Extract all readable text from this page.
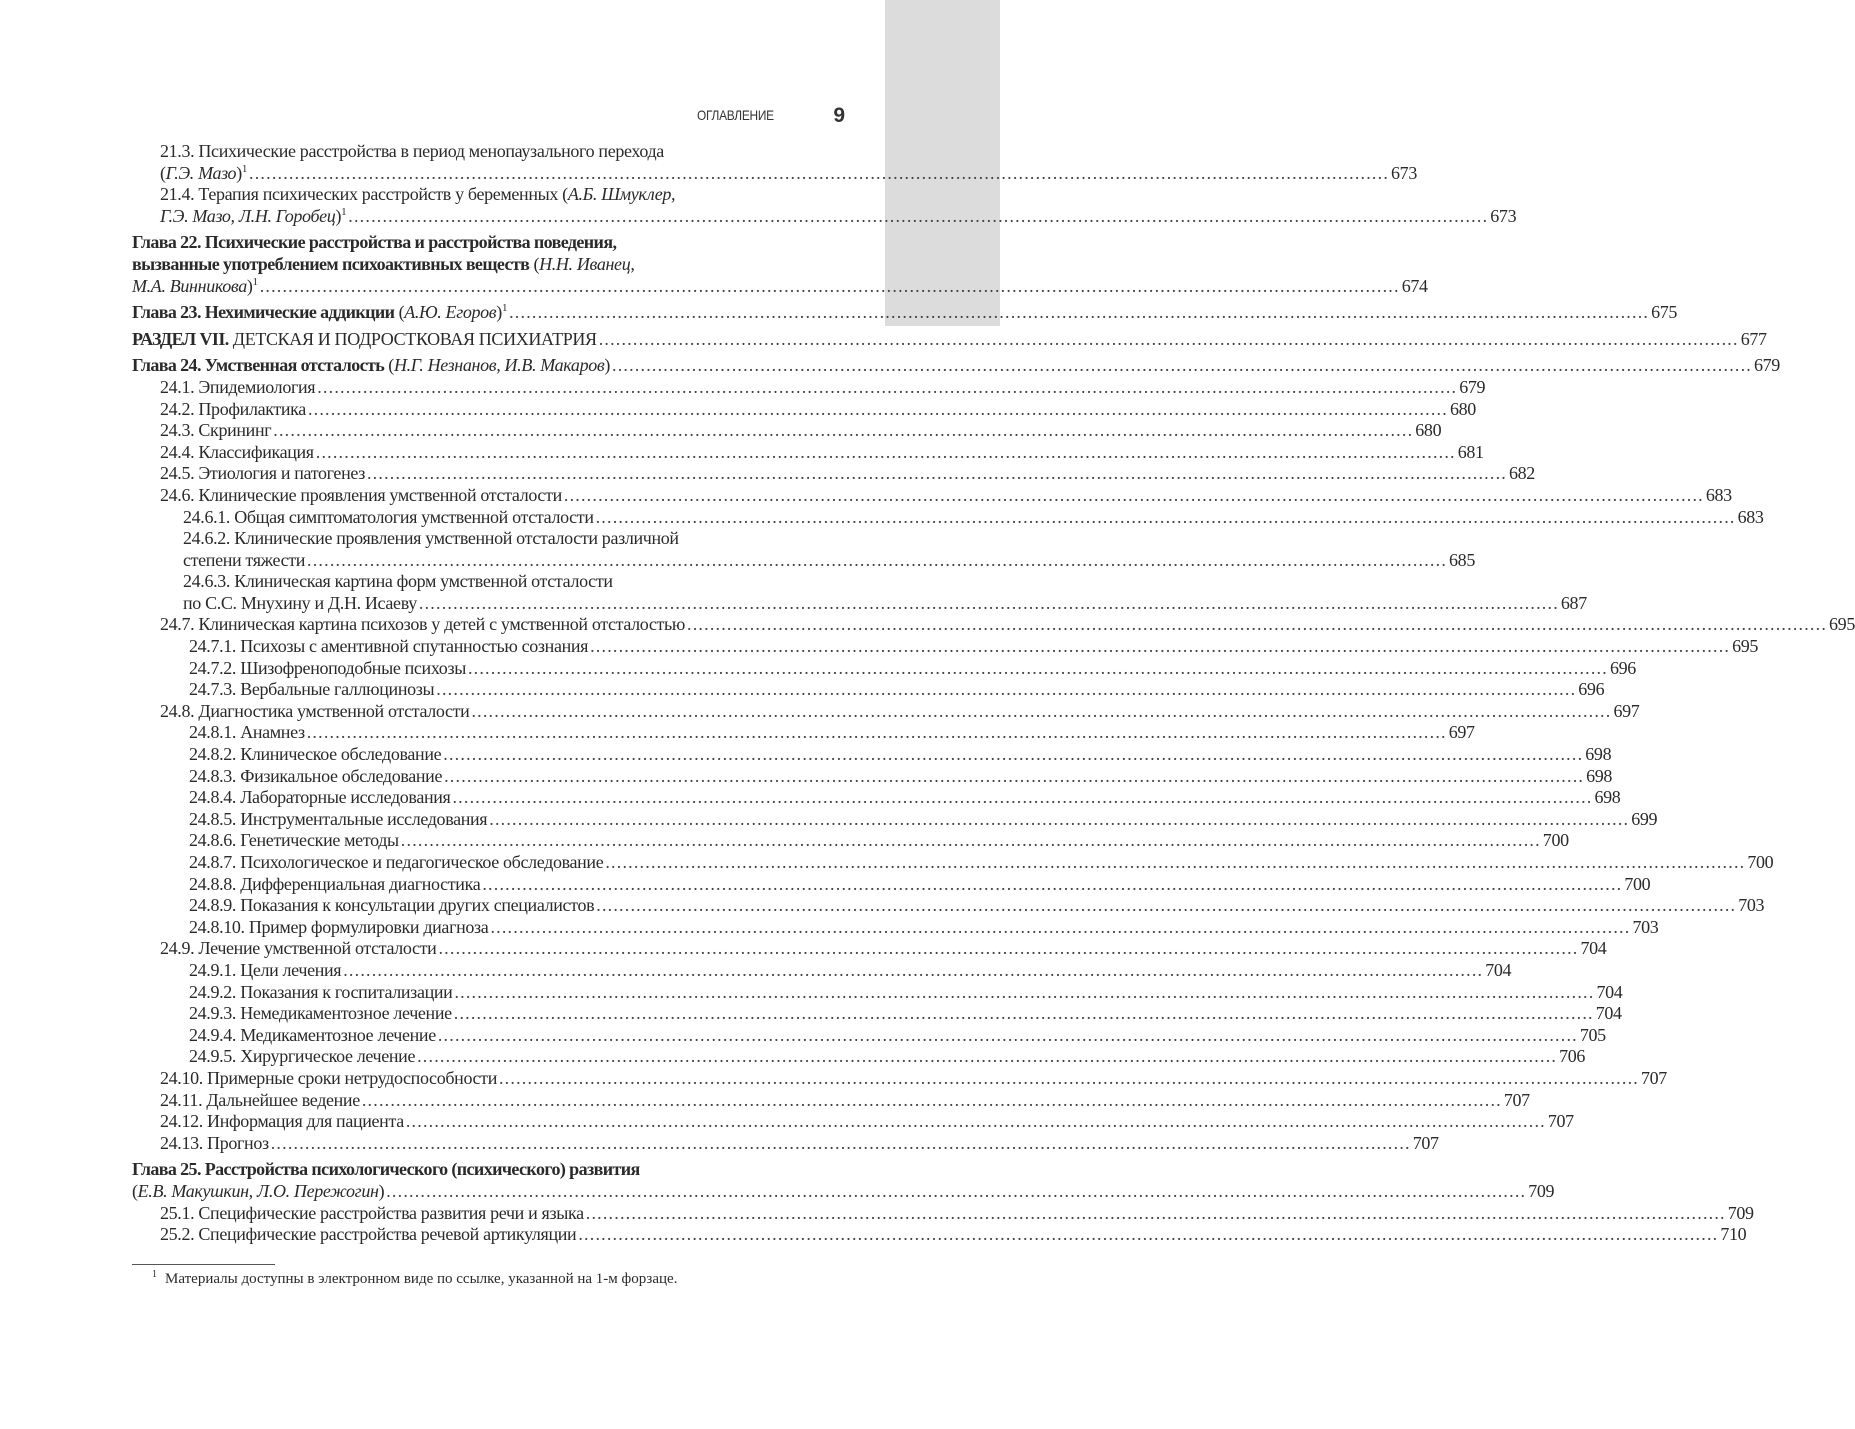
ОГЛАВЛЕНИЕ	9
21.3. Психические расстройства в период менопаузального перехода
(Г.Э. Мазо)$^1$ ........................................................................................................................................................................................................ 673
21.4. Терапия психических расстройств у беременных (А.Б. Шмуклер,
Г.Э. Мазо, Л.Н. Горобец)$^1$ ........................................................................................................................................................................................................ 673
Глава 22. Психические расстройства и расстройства поведения,
вызванные употреблением психоактивных веществ (Н.Н. Иванец,
М.А. Винникова)$^1$ ........................................................................................................................................................................................................ 674
Глава 23. Нехимические аддикции (А.Ю. Егоров)$^1$ ........................................................................................................................................................................................................ 675
РАЗДЕЛ VII. ДЕТСКАЯ И ПОДРОСТКОВАЯ ПСИХИАТРИЯ ........................................................................................................................................................................................................ 677
Глава 24. Умственная отсталость (Н.Г. Незнанов, И.В. Макаров) ........................................................................................................................................................................................................ 679
24.1. Эпидемиология ........................................................................................................................................................................................................ 679
24.2. Профилактика ........................................................................................................................................................................................................ 680
24.3. Скрининг ........................................................................................................................................................................................................ 680
24.4. Классификация ........................................................................................................................................................................................................ 681
24.5. Этиология и патогенез ........................................................................................................................................................................................................ 682
24.6. Клинические проявления умственной отсталости ........................................................................................................................................................................................................ 683
24.6.1. Общая симптоматология умственной отсталости ........................................................................................................................................................................................................ 683
24.6.2. Клинические проявления умственной отсталости различной
степени тяжести ........................................................................................................................................................................................................ 685
24.6.3. Клиническая картина форм умственной отсталости
по С.С. Мнухину и Д.Н. Исаеву ........................................................................................................................................................................................................ 687
24.7. Клиническая картина психозов у детей с умственной отсталостью ........................................................................................................................................................................................................ 695
24.7.1. Психозы с аментивной спутанностью сознания ........................................................................................................................................................................................................ 695
24.7.2. Шизофреноподобные психозы ........................................................................................................................................................................................................ 696
24.7.3. Вербальные галлюцинозы ........................................................................................................................................................................................................ 696
24.8. Диагностика умственной отсталости ........................................................................................................................................................................................................ 697
24.8.1. Анамнез ........................................................................................................................................................................................................ 697
24.8.2. Клиническое обследование ........................................................................................................................................................................................................ 698
24.8.3. Физикальное обследование ........................................................................................................................................................................................................ 698
24.8.4. Лабораторные исследования ........................................................................................................................................................................................................ 698
24.8.5. Инструментальные исследования ........................................................................................................................................................................................................ 699
24.8.6. Генетические методы ........................................................................................................................................................................................................ 700
24.8.7. Психологическое и педагогическое обследование ........................................................................................................................................................................................................ 700
24.8.8. Дифференциальная диагностика ........................................................................................................................................................................................................ 700
24.8.9. Показания к консультации других специалистов ........................................................................................................................................................................................................ 703
24.8.10. Пример формулировки диагноза ........................................................................................................................................................................................................ 703
24.9. Лечение умственной отсталости ........................................................................................................................................................................................................ 704
24.9.1. Цели лечения ........................................................................................................................................................................................................ 704
24.9.2. Показания к госпитализации ........................................................................................................................................................................................................ 704
24.9.3. Немедикаментозное лечение ........................................................................................................................................................................................................ 704
24.9.4. Медикаментозное лечение ........................................................................................................................................................................................................ 705
24.9.5. Хирургическое лечение ........................................................................................................................................................................................................ 706
24.10. Примерные сроки нетрудоспособности ........................................................................................................................................................................................................ 707
24.11. Дальнейшее ведение ........................................................................................................................................................................................................ 707
24.12. Информация для пациента ........................................................................................................................................................................................................ 707
24.13. Прогноз ........................................................................................................................................................................................................ 707
Глава 25. Расстройства психологического (психического) развития
(Е.В. Макушкин, Л.О. Пережогин) ........................................................................................................................................................................................................ 709
25.1. Специфические расстройства развития речи и языка ........................................................................................................................................................................................................ 709
25.2. Специфические расстройства речевой артикуляции ........................................................................................................................................................................................................ 710
$^1$ Материалы доступны в электронном виде по ссылке, указанной на 1-м форзаце.
